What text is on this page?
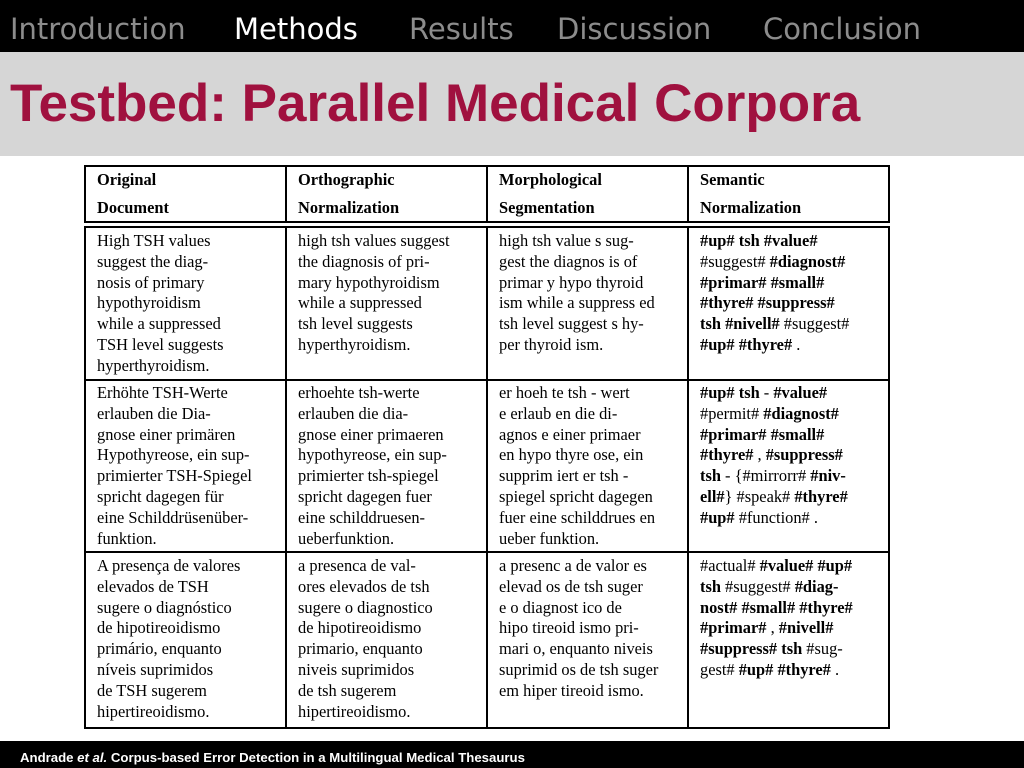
Introduction Methods Results Discussion Conclusion
Testbed: Parallel Medical Corpora
Original
Document
Orthographic
Normalization
Morphological
Segmentation
Semantic
Normalization
High TSH values
suggest the diag-
nosis of primary
hypothyroidism
while a suppressed
TSH level suggests
hyperthyroidism.
high tsh values suggest
the diagnosis of pri-
mary hypothyroidism
while a suppressed
tsh level suggests
hyperthyroidism.
high tsh value s sug-
gest the diagnos is of
primar y hypo thyroid
ism while a suppress ed
tsh level suggest s hy-
per thyroid ism.
#up# tsh #value#
#suggest# #diagnost#
#primar# #small#
#thyre# #suppress#
tsh #nivell# #suggest#
#up# #thyre# .
Erhöhte TSH-Werte
erlauben die Dia-
gnose einer primären
Hypothyreose, ein sup-
primierter TSH-Spiegel
spricht dagegen für
eine Schilddrüsenüber-
funktion.
erhoehte tsh-werte
erlauben die dia-
gnose einer primaeren
hypothyreose, ein sup-
primierter tsh-spiegel
spricht dagegen fuer
eine schilddruesen-
ueberfunktion.
er hoeh te tsh - wert
e erlaub en die di-
agnos e einer primaer
en hypo thyre ose, ein
supprim iert er tsh -
spiegel spricht dagegen
fuer eine schilddrues en
ueber funktion.
#up# tsh - #value#
#permit# #diagnost#
#primar# #small#
#thyre# , #suppress#
tsh - {#mirrorr# #niv-
ell#} #speak# #thyre#
#up# #function# .
A presença de valores
elevados de TSH
sugere o diagnóstico
de hipotireoidismo
primário, enquanto
níveis suprimidos
de TSH sugerem
hipertireoidismo.
a presenca de val-
ores elevados de tsh
sugere o diagnostico
de hipotireoidismo
primario, enquanto
niveis suprimidos
de tsh sugerem
hipertireoidismo.
a presenc a de valor es
elevad os de tsh suger
e o diagnost ico de
hipo tireoid ismo pri-
mari o, enquanto niveis
suprimid os de tsh suger
em hiper tireoid ismo.
#actual# #value# #up#
tsh #suggest# #diag-
nost# #small# #thyre#
#primar# , #nivell#
#suppress# tsh #sug-
gest# #up# #thyre# .
Andrade et al. Corpus-based Error Detection in a Multilingual Medical Thesaurus
